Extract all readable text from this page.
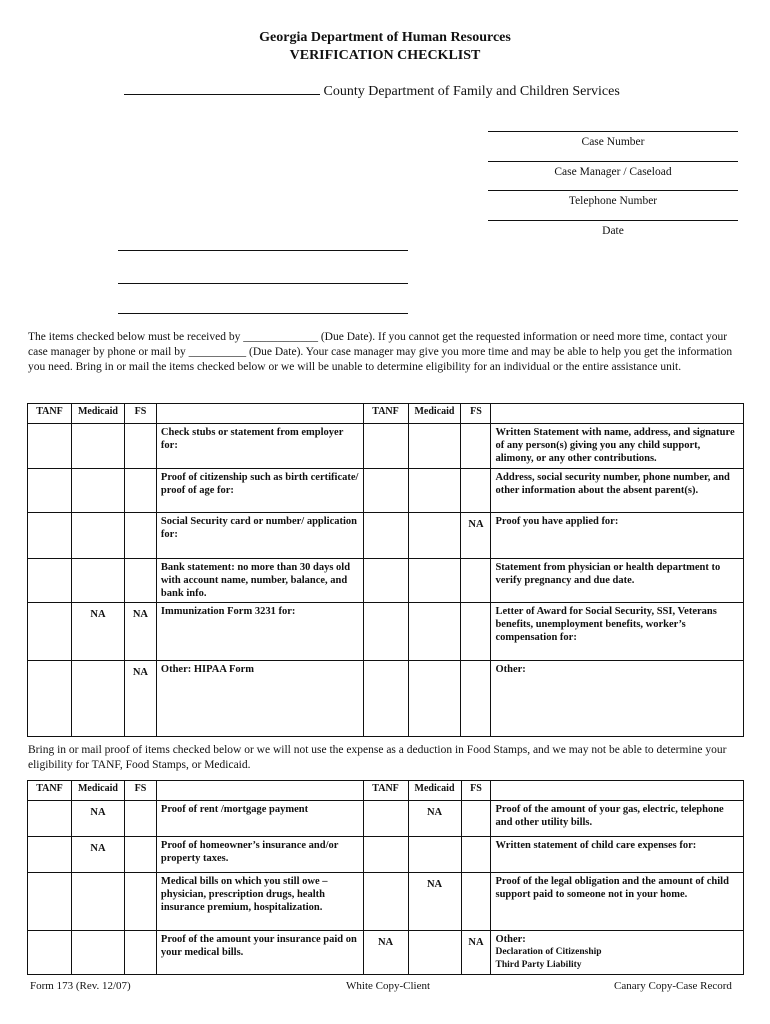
Georgia Department of Human Resources
VERIFICATION CHECKLIST
County Department of Family and Children Services
Case Number
Case Manager / Caseload
Telephone Number
Date
The items checked below must be received by _____________ (Due Date). If you cannot get the requested information or need more time, contact your case manager by phone or mail by __________ (Due Date). Your case manager may give you more time and may be able to help you get the information you need. Bring in or mail the items checked below or we will be unable to determine eligibility for an individual or the entire assistance unit.
TANF	Medicaid	FS		TANF	Medicaid	FS	
			Check stubs or statement from employer for:				Written Statement with name, address, and signature of any person(s) giving you any child support, alimony, or any other contributions.
			Proof of citizenship such as birth certificate/ proof of age for:				Address, social security number, phone number, and other information about the absent parent(s).
			Social Security card or number/ application for:			NA	Proof you have applied for:
			Bank statement: no more than 30 days old with account name, number, balance, and bank info.				Statement from physician or health department to verify pregnancy and due date.
	NA	NA	Immunization Form 3231 for:				Letter of Award for Social Security, SSI, Veterans benefits, unemployment benefits, worker’s compensation for:
		NA	Other: HIPAA Form				Other:
Bring in or mail proof of items checked below or we will not use the expense as a deduction in Food Stamps, and we may not be able to determine your eligibility for TANF, Food Stamps, or Medicaid.
TANF	Medicaid	FS		TANF	Medicaid	FS	
	NA		Proof of rent /mortgage payment		NA		Proof of the amount of your gas, electric, telephone and other utility bills.
	NA		Proof of homeowner’s insurance and/or property taxes.				Written statement of child care expenses for:
			Medical bills on which you still owe – physician, prescription drugs, health insurance premium, hospitalization.		NA		Proof of the legal obligation and the amount of child support paid to someone not in your home.
			Proof of the amount your insurance paid on your medical bills.	NA		NA	Other:
Declaration of Citizenship
Third Party Liability
Form 173 (Rev. 12/07)	White Copy-Client	Canary Copy-Case Record
